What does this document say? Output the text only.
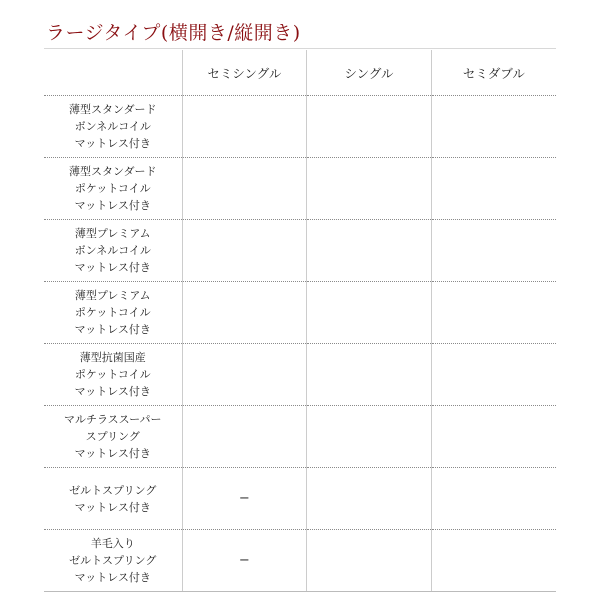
ラージタイプ(横開き/縦開き)
	セミシングル	シングル	セミダブル

薄型スタンダード
ボンネルコイル
マットレス付き			

薄型スタンダード
ポケットコイル
マットレス付き			

薄型プレミアム
ボンネルコイル
マットレス付き			

薄型プレミアム
ポケットコイル
マットレス付き			

薄型抗菌国産
ポケットコイル
マットレス付き			

マルチラススーパー
スプリング
マットレス付き			

ゼルトスプリング
マットレス付き	−		

羊毛入り
ゼルトスプリング
マットレス付き	−		
